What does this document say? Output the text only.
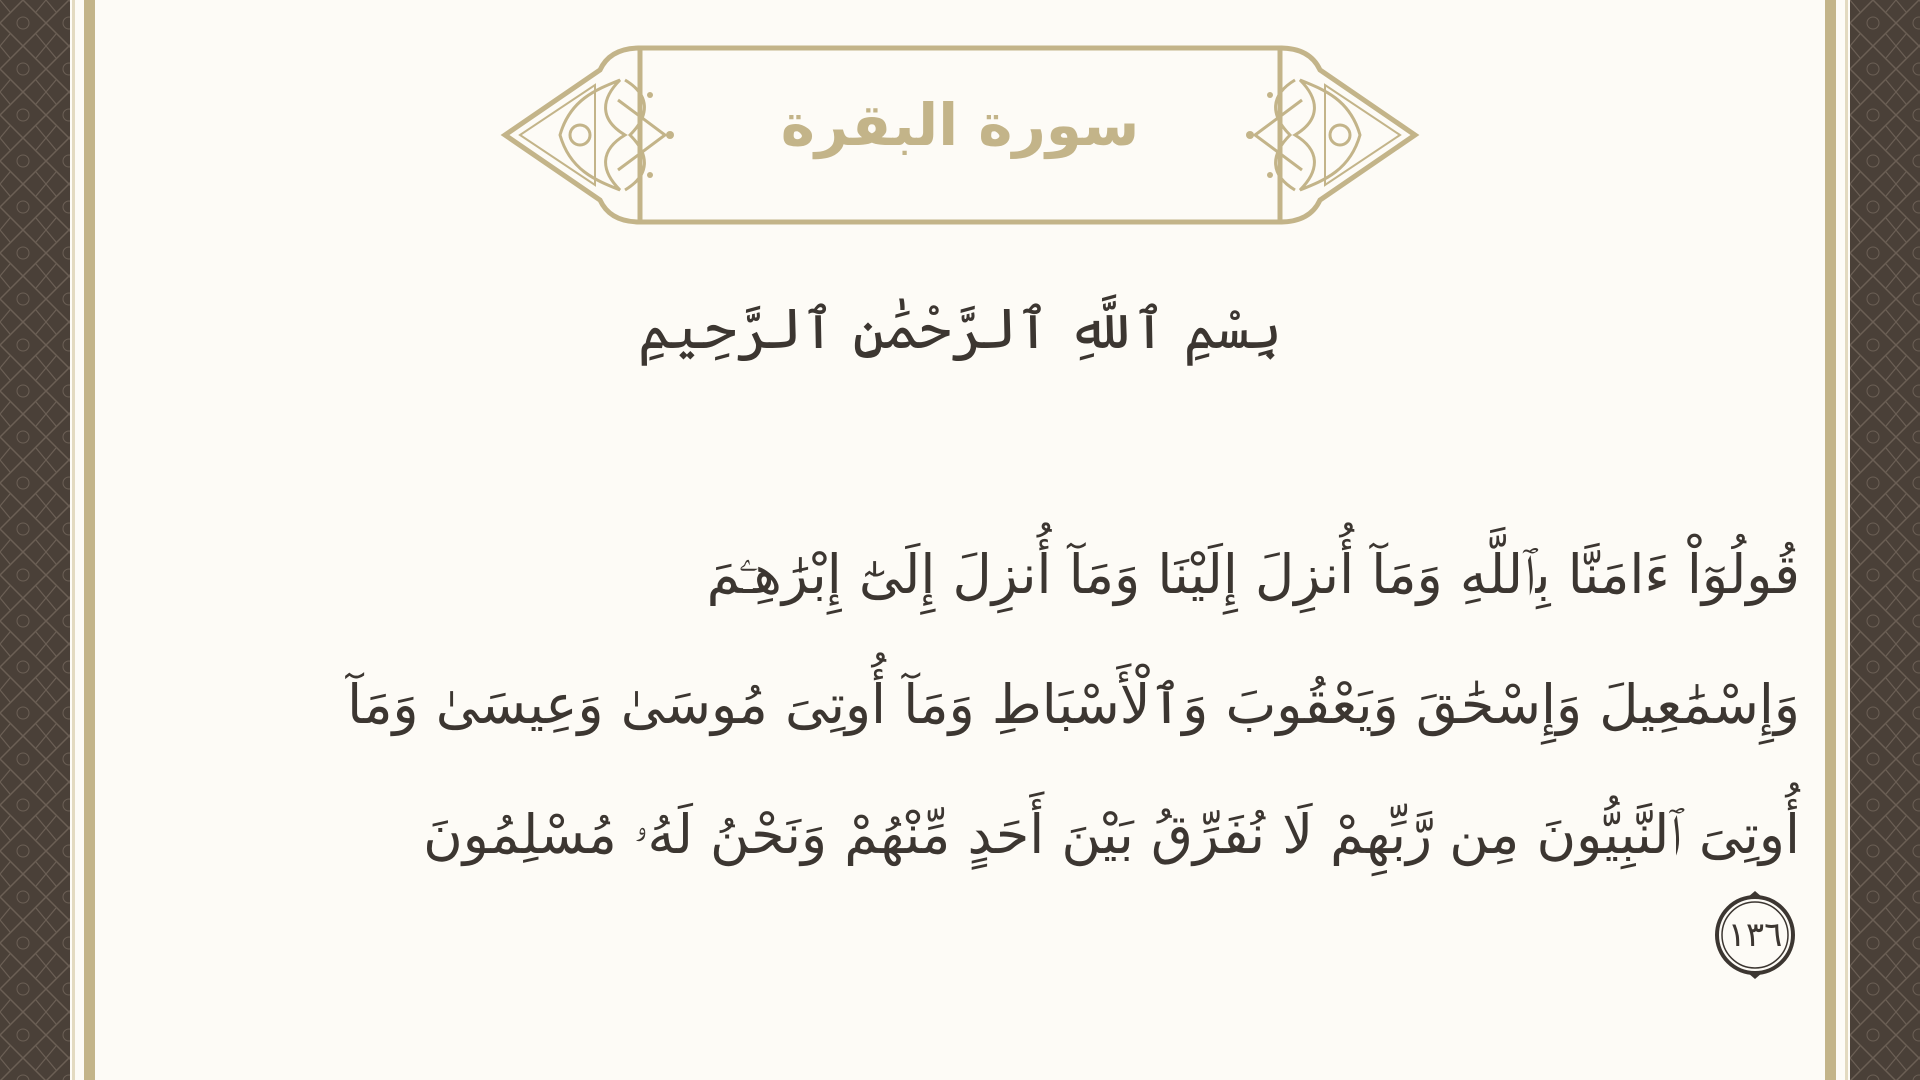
سورة البقرة
بِسْمِ ٱللَّهِ ٱلرَّحْمَٰنِ ٱلرَّحِيمِ
قُولُوٓاْ ءَامَنَّا بِٱللَّهِ وَمَآ أُنزِلَ إِلَيْنَا وَمَآ أُنزِلَ إِلَىٰٓ إِبْرَٰهِـۧمَ
وَإِسْمَٰعِيلَ وَإِسْحَٰقَ وَيَعْقُوبَ وَٱلْأَسْبَاطِ وَمَآ أُوتِىَ مُوسَىٰ وَعِيسَىٰ وَمَآ
أُوتِىَ ٱلنَّبِيُّونَ مِن رَّبِّهِمْ لَا نُفَرِّقُ بَيْنَ أَحَدٍ مِّنْهُمْ وَنَحْنُ لَهُۥ مُسْلِمُونَ
١٣٦
